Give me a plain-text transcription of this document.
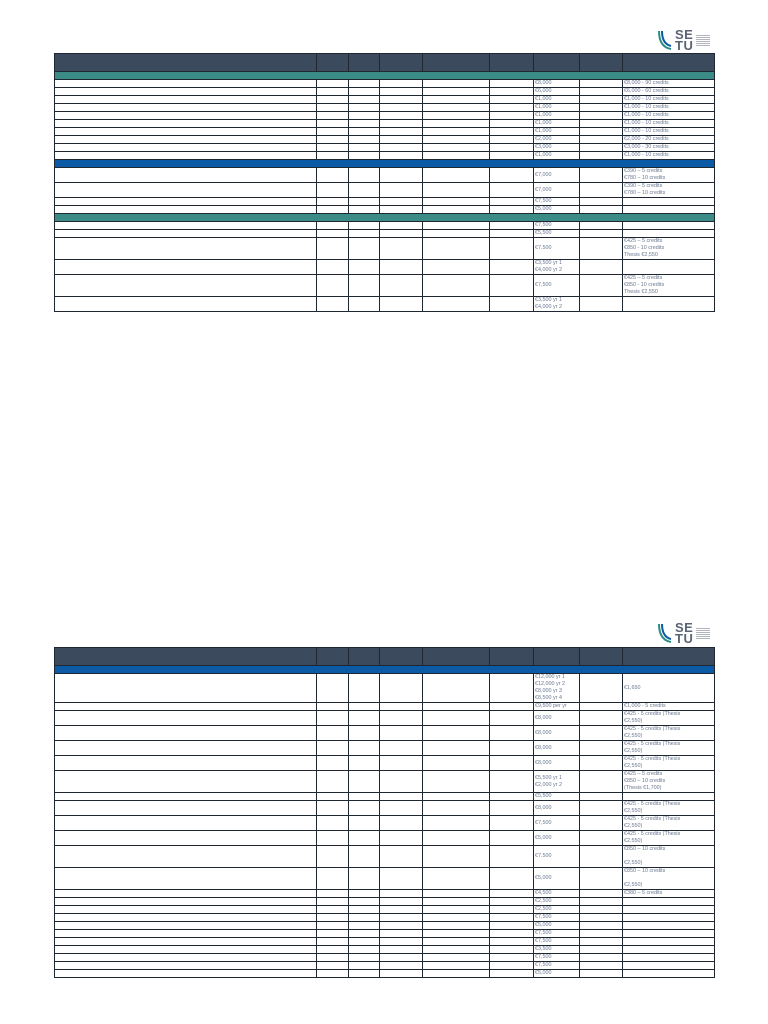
SE
TU

						€8,000		€8,000 - 90 credits

						€6,000		€6,000 - 60 credits

						€1,000		€1,000 - 10 credits

						€1,000		€1,000 - 10 credits

						€1,000		€1,000 - 10 credits

						€1,000		€1,000 - 10 credits

						€1,000		€1,000 - 10 credits

						€2,000		€2,000 - 20 credits

						€3,000		€3,000 - 30 credits

						€1,000		€1,000 - 10 credits

						€7,000		€390 – 5 credits
€780 – 10 credits

						€7,000		€390 – 5 credits
€780 – 10 credits

						€7,500		

						€5,000		

						€7,500		

						€5,500		

						€7,500		€425 – 5 credits
€850 - 10 credits
Thesis €2,550

						€3,500 yr 1
€4,000 yr 2		

						€7,500		€425 – 5 credits
€850 - 10 credits
Thesis €2,550

						€3,500 yr 1
€4,000 yr 2		

SE
TU

						€12,000 yr 1
€12,000 yr 2
€8,000 yr 3
€8,500 yr 4		€1,650

						€9,500 per yr		€1,000 - 5 credits

						€8,000		€425 - 5 credits (Thesis
€2,550)

						€8,000		€425 - 5 credits (Thesis
€2,550)

						€8,000		€425 - 5 credits (Thesis
€2,550)

						€8,000		€425 - 5 credits (Thesis
€2,550)

						€5,500 yr 1
€2,000 yr 2		€425 – 5 credits
€850 – 10 credits
(Thesis €1,700)

						€5,500		

						€8,000		€425 - 5 credits (Thesis
€2,550)

						€7,500		€425 - 5 credits (Thesis
€2,550)

						€5,000		€425 - 5 credits (Thesis
€2,550)

						€7,500		€850 – 10 credits

€2,550)

						€5,000		€850 – 10 credits

€2,550)

						€4,500		€380 – 5 credits

						€2,500		

						€2,500		

						€7,500		

						€5,000		

						€7,500		

						€7,500		

						€3,500		

						€7,500		

						€7,500		

						€5,000		
